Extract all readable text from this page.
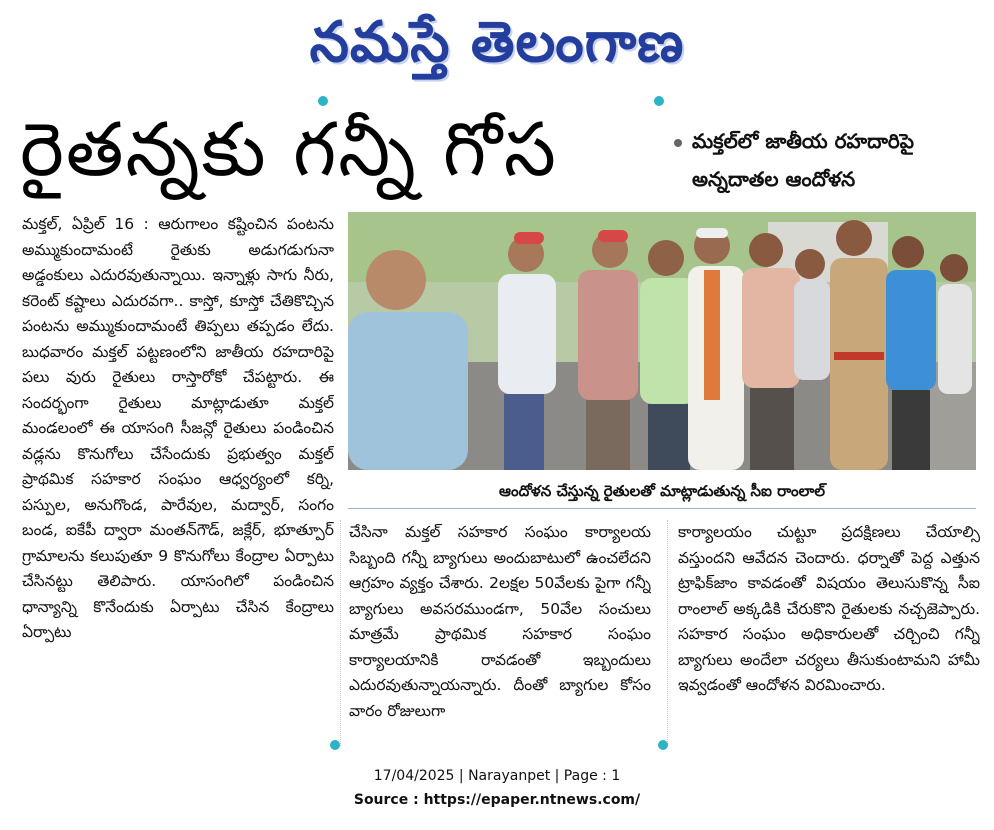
నమస్తే తెలంగాణ
రైతన్నకు గన్నీ గోస	మక్తల్‌లో జాతీయ రహదారిపై
అన్నదాతల ఆందోళన

మక్తల్, ఏప్రిల్ 16 : ఆరుగాలం కష్టించిన పంటను అమ్ముకుందామంటే రైతుకు అడుగడుగునా అడ్డంకులు ఎదురవుతున్నాయి. ఇన్నాళ్లు సాగు నీరు, కరెంట్ కష్టాలు ఎదురవగా.. కాస్తో, కూస్తో చేతికొచ్చిన పంటను అమ్ముకుందామంటే తిప్పలు తప్పడం లేదు. బుధవారం మక్తల్ పట్టణంలోని జాతీయ రహదారిపై పలు వురు రైతులు రాస్తారోకో చేపట్టారు. ఈ సందర్భంగా రైతులు మాట్లాడుతూ మక్తల్ మండలంలో ఈ యాసంగి సీజన్లో రైతులు పండించిన వడ్లను కొనుగోలు చేసేందుకు ప్రభుత్వం మక్తల్ ప్రాథమిక సహకార సంఘం ఆధ్వర్యంలో కర్ని, పస్పుల, అనుగొండ, పారేవుల, మద్వార్, సంగం బండ, ఐకేపీ ద్వారా మంతన్‌గౌడ్, జక్లేర్, భూత్పూర్ గ్రామాలను కలుపుతూ 9 కొనుగోలు కేంద్రాల ఏర్పాటు చేసినట్టు తెలిపారు. యాసంగిలో పండించిన ధాన్యాన్ని కొనేందుకు ఏర్పాటు చేసిన కేంద్రాలు ఏర్పాటు

ఆందోళన చేస్తున్న రైతులతో మాట్లాడుతున్న సీఐ రాంలాల్

చేసినా మక్తల్ సహకార సంఘం కార్యాలయ సిబ్బంది గన్నీ బ్యాగులు అందుబాటులో ఉంచలేదని ఆగ్రహం వ్యక్తం చేశారు. 2లక్షల 50వేలకు పైగా గన్నీ బ్యాగులు అవసరముండగా, 50వేల సంచులు మాత్రమే ప్రాథమిక సహకార సంఘం కార్యాలయానికి రావడంతో ఇబ్బందులు ఎదురవుతున్నాయన్నారు. దీంతో బ్యాగుల కోసం వారం రోజులుగా

కార్యాలయం చుట్టూ ప్రదక్షిణలు చేయాల్సి వస్తుందని ఆవేదన చెందారు. ధర్నాతో పెద్ద ఎత్తున ట్రాఫిక్‌జాం కావడంతో విషయం తెలుసుకొన్న సీఐ రాంలాల్ అక్కడికి చేరుకొని రైతులకు నచ్చజెప్పారు. సహకార సంఘం అధికారులతో చర్చించి గన్నీ బ్యాగులు అందేలా చర్యలు తీసుకుంటామని హామీ ఇవ్వడంతో ఆందోళన విరమించారు.

17/04/2025 | Narayanpet | Page : 1
Source : https://epaper.ntnews.com/
